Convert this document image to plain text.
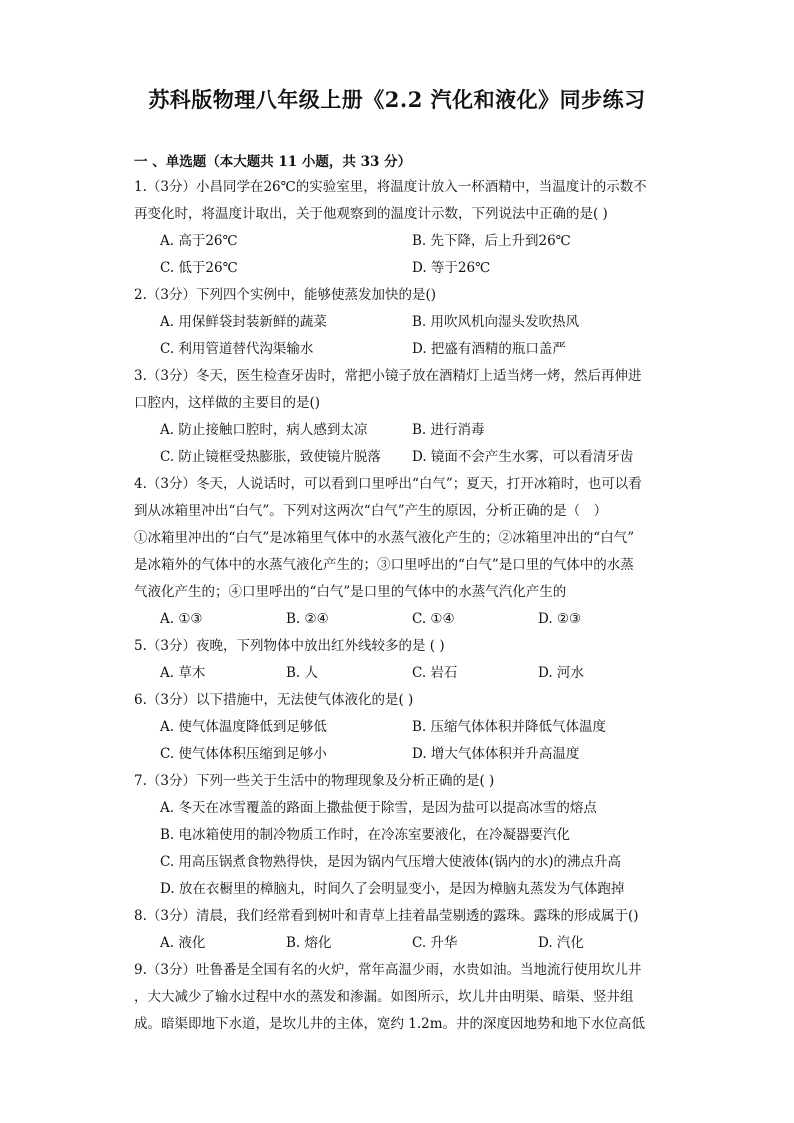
苏科版物理八年级上册《2.2 汽化和液化》同步练习
一 、单选题（本大题共 11 小题，共 33 分）
1.（3分）小昌同学在26℃的实验室里，将温度计放入一杯酒精中，当温度计的示数不
再变化时，将温度计取出，关于他观察到的温度计示数，下列说法中正确的是( )
A. 高于26℃	B. 先下降，后上升到26℃
C. 低于26℃	D. 等于26℃
2.（3分）下列四个实例中，能够使蒸发加快的是()
A. 用保鲜袋封装新鲜的蔬菜	B. 用吹风机向湿头发吹热风
C. 利用管道替代沟渠输水	D. 把盛有酒精的瓶口盖严
3.（3分）冬天，医生检查牙齿时，常把小镜子放在酒精灯上适当烤一烤，然后再伸进
口腔内，这样做的主要目的是()
A. 防止接触口腔时，病人感到太凉	B. 进行消毒
C. 防止镜框受热膨胀，致使镜片脱落	D. 镜面不会产生水雾，可以看清牙齿
4.（3分）冬天，人说话时，可以看到口里呼出“白气”；夏天，打开冰箱时，也可以看
到从冰箱里冲出“白气”。下列对这两次“白气”产生的原因，分析正确的是（　）
①冰箱里冲出的“白气”是冰箱里气体中的水蒸气液化产生的；②冰箱里冲出的“白气”
是冰箱外的气体中的水蒸气液化产生的；③口里呼出的“白气”是口里的气体中的水蒸
气液化产生的；④口里呼出的“白气”是口里的气体中的水蒸气汽化产生的
A. ①③	B. ②④	C. ①④	D. ②③
5.（3分）夜晚，下列物体中放出红外线较多的是 ( )
A. 草木	B. 人	C. 岩石	D. 河水
6.（3分）以下措施中，无法使气体液化的是( )
A. 使气体温度降低到足够低	B. 压缩气体体积并降低气体温度
C. 使气体体积压缩到足够小	D. 增大气体体积并升高温度
7.（3分）下列一些关于生活中的物理现象及分析正确的是( )
A. 冬天在冰雪覆盖的路面上撒盐便于除雪，是因为盐可以提高冰雪的熔点
B. 电冰箱使用的制冷物质工作时，在冷冻室要液化，在冷凝器要汽化
C. 用高压锅煮食物熟得快，是因为锅内气压增大使液体(锅内的水)的沸点升高
D. 放在衣橱里的樟脑丸，时间久了会明显变小，是因为樟脑丸蒸发为气体跑掉
8.（3分）清晨，我们经常看到树叶和青草上挂着晶莹剔透的露珠。露珠的形成属于()
A. 液化	B. 熔化	C. 升华	D. 汽化
9.（3分）吐鲁番是全国有名的火炉，常年高温少雨，水贵如油。当地流行使用坎儿井
，大大减少了输水过程中水的蒸发和渗漏。如图所示，坎儿井由明渠、暗渠、竖井组
成。暗渠即地下水道，是坎儿井的主体，宽约 1.2m。井的深度因地势和地下水位高低
